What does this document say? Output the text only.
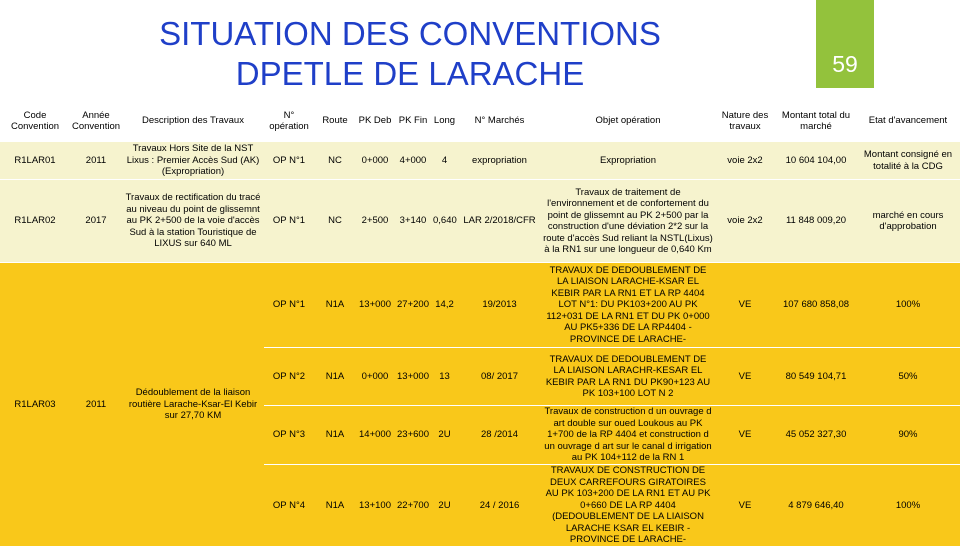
SITUATION DES CONVENTIONS
DPETLE DE LARACHE	59
Code Convention	Année Convention	Description des Travaux	N° opération	Route	PK Deb	PK Fin	Long	N° Marchés	Objet opération	Nature des travaux	Montant total du marché	Etat d'avancement
R1LAR01	2011	Travaux Hors Site de la NST Lixus : Premier Accès Sud (AK) (Expropriation)	OP N°1	NC	0+000	4+000	4	expropriation	Expropriation	voie 2x2	10 604 104,00	Montant consigné en totalité à la CDG
R1LAR02	2017	Travaux de rectification du tracé au niveau du point de glissemnt au PK 2+500 de la voie d'accès Sud à la station Touristique de LIXUS sur 640 ML	OP N°1	NC	2+500	3+140	0,640	LAR 2/2018/CFR	Travaux de traitement de l'environnement et de confortement du point de glissemnt au PK 2+500 par la construction d'une déviation 2*2 sur la route d'accès Sud reliant la NSTL(Lixus) à la RN1 sur une longueur de 0,640 Km	voie 2x2	11 848 009,20	marché en cours d'approbation
R1LAR03	2011	Dédoublement de la liaison routière Larache-Ksar-El Kebir sur 27,70 KM	OP N°1	N1A	13+000	27+200	14,2	19/2013	TRAVAUX DE DEDOUBLEMENT DE LA LIAISON LARACHE-KSAR EL KEBIR PAR LA RN1 ET LA RP 4404 LOT N°1: DU PK103+200 AU PK 112+031 DE LA RN1 ET DU PK 0+000 AU PK5+336 DE LA RP4404 - PROVINCE DE LARACHE-	VE	107 680 858,08	100%
			OP N°2	N1A	0+000	13+000	13	08/ 2017	TRAVAUX DE DEDOUBLEMENT DE LA LIAISON LARACHR-KESAR EL KEBIR PAR LA RN1 DU PK90+123 AU PK 103+100 LOT N 2	VE	80 549 104,71	50%
			OP N°3	N1A	14+000	23+600	2U	28 /2014	Travaux de construction d un ouvrage d art double sur oued Loukous au PK 1+700 de la RP 4404 et construction d un ouvrage d art sur le canal d irrigation au PK 104+112 de la RN 1	VE	45 052 327,30	90%
			OP N°4	N1A	13+100	22+700	2U	24 / 2016	TRAVAUX DE CONSTRUCTION DE DEUX CARREFOURS GIRATOIRES AU PK 103+200 DE LA RN1 ET AU PK 0+660 DE LA RP 4404 (DEDOUBLEMENT DE LA LIAISON LARACHE KSAR EL KEBIR - PROVINCE DE LARACHE-	VE	4 879 646,40	100%
